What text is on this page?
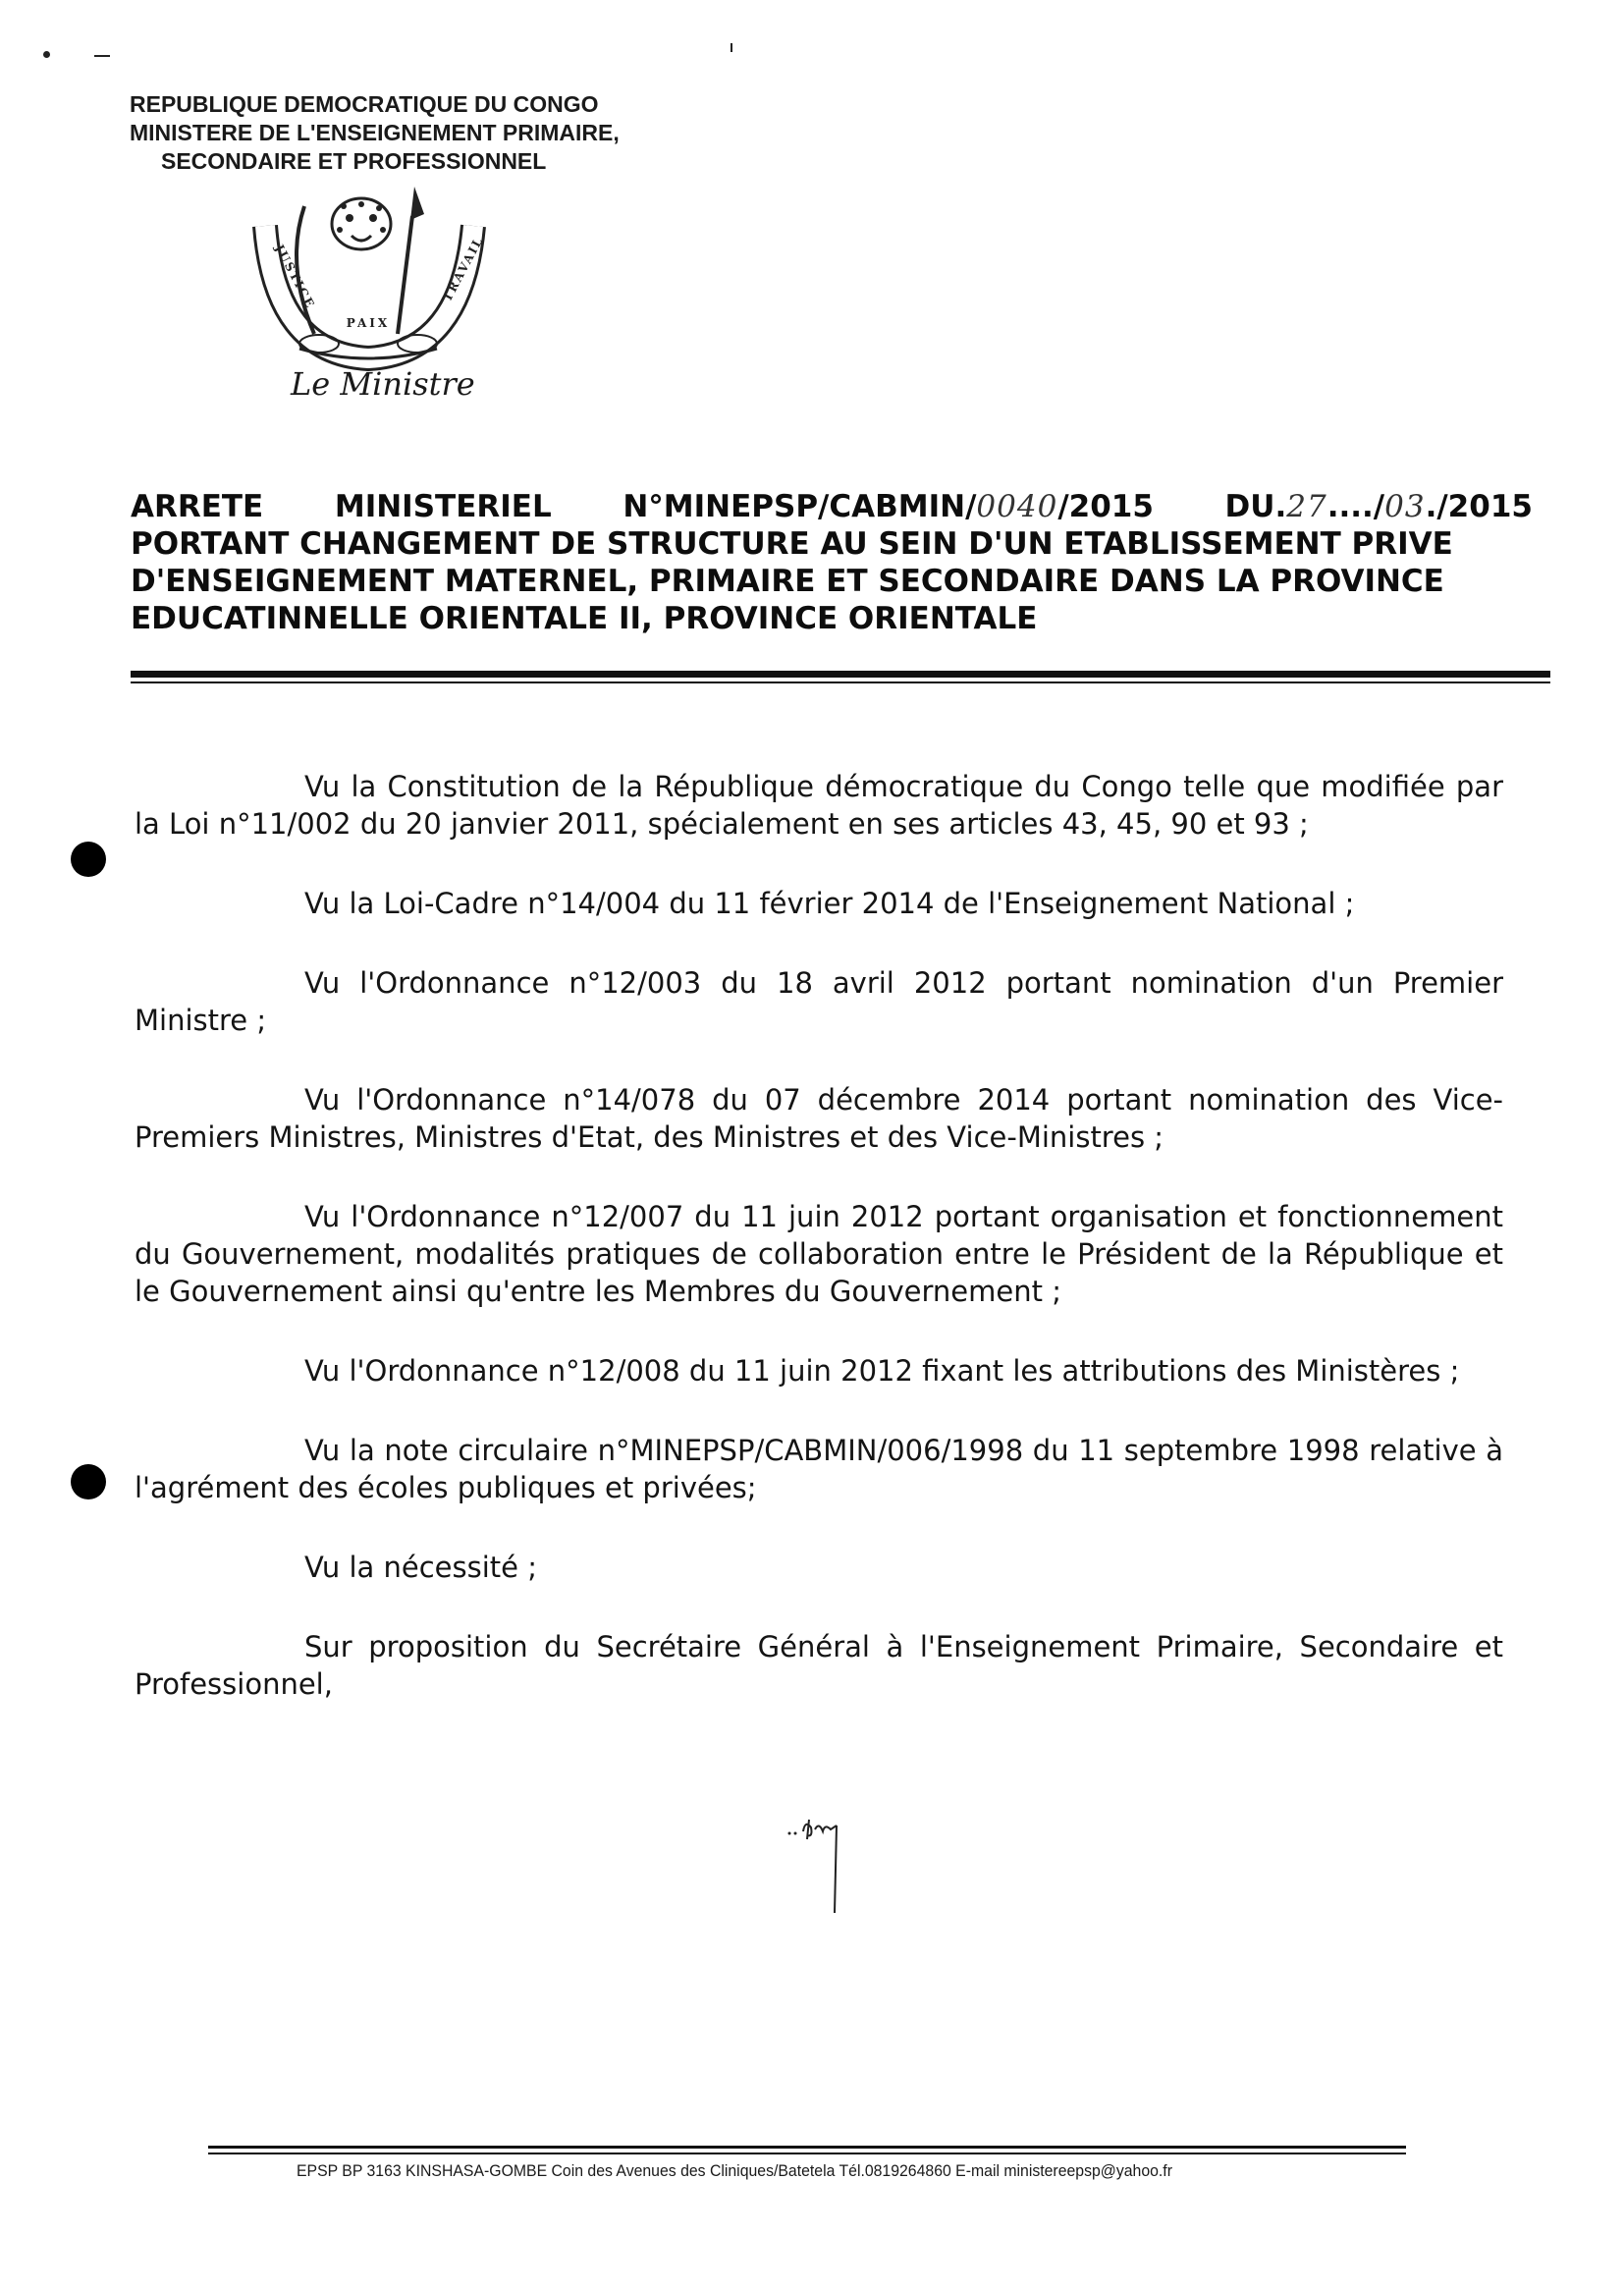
REPUBLIQUE DEMOCRATIQUE DU CONGO
MINISTERE DE L'ENSEIGNEMENT PRIMAIRE,
SECONDAIRE ET PROFESSIONNEL
JUSTICE
PAIX
TRAVAIL
Le Ministre
ARRETE MINISTERIEL N°MINEPSP/CABMIN/0040/2015 DU.27..../03./2015
PORTANT CHANGEMENT DE STRUCTURE AU SEIN D'UN ETABLISSEMENT PRIVE
D'ENSEIGNEMENT MATERNEL, PRIMAIRE ET SECONDAIRE DANS LA PROVINCE
EDUCATINNELLE ORIENTALE II, PROVINCE ORIENTALE

Vu la Constitution de la République démocratique du Congo telle que modifiée par la Loi n°11/002 du 20 janvier 2011, spécialement en ses articles 43, 45, 90 et 93 ;

Vu la Loi-Cadre n°14/004 du 11 février 2014 de l'Enseignement National ;

Vu l'Ordonnance n°12/003 du 18 avril 2012 portant nomination d'un Premier Ministre ;

Vu l'Ordonnance n°14/078 du 07 décembre 2014 portant nomination des Vice-Premiers Ministres, Ministres d'Etat, des Ministres et des Vice-Ministres ;

Vu l'Ordonnance n°12/007 du 11 juin 2012 portant organisation et fonctionnement du Gouvernement, modalités pratiques de collaboration entre le Président de la République et le Gouvernement ainsi qu'entre les Membres du Gouvernement ;

Vu l'Ordonnance n°12/008 du 11 juin 2012 fixant les attributions des Ministères ;

Vu la note circulaire n°MINEPSP/CABMIN/006/1998 du 11 septembre 1998 relative à l'agrément des écoles publiques et privées;

Vu la nécessité ;

Sur proposition du Secrétaire Général à l'Enseignement Primaire, Secondaire et Professionnel,

EPSP BP 3163 KINSHASA-GOMBE Coin des Avenues des Cliniques/Batetela Tél.0819264860 E-mail ministereepsp@yahoo.fr
